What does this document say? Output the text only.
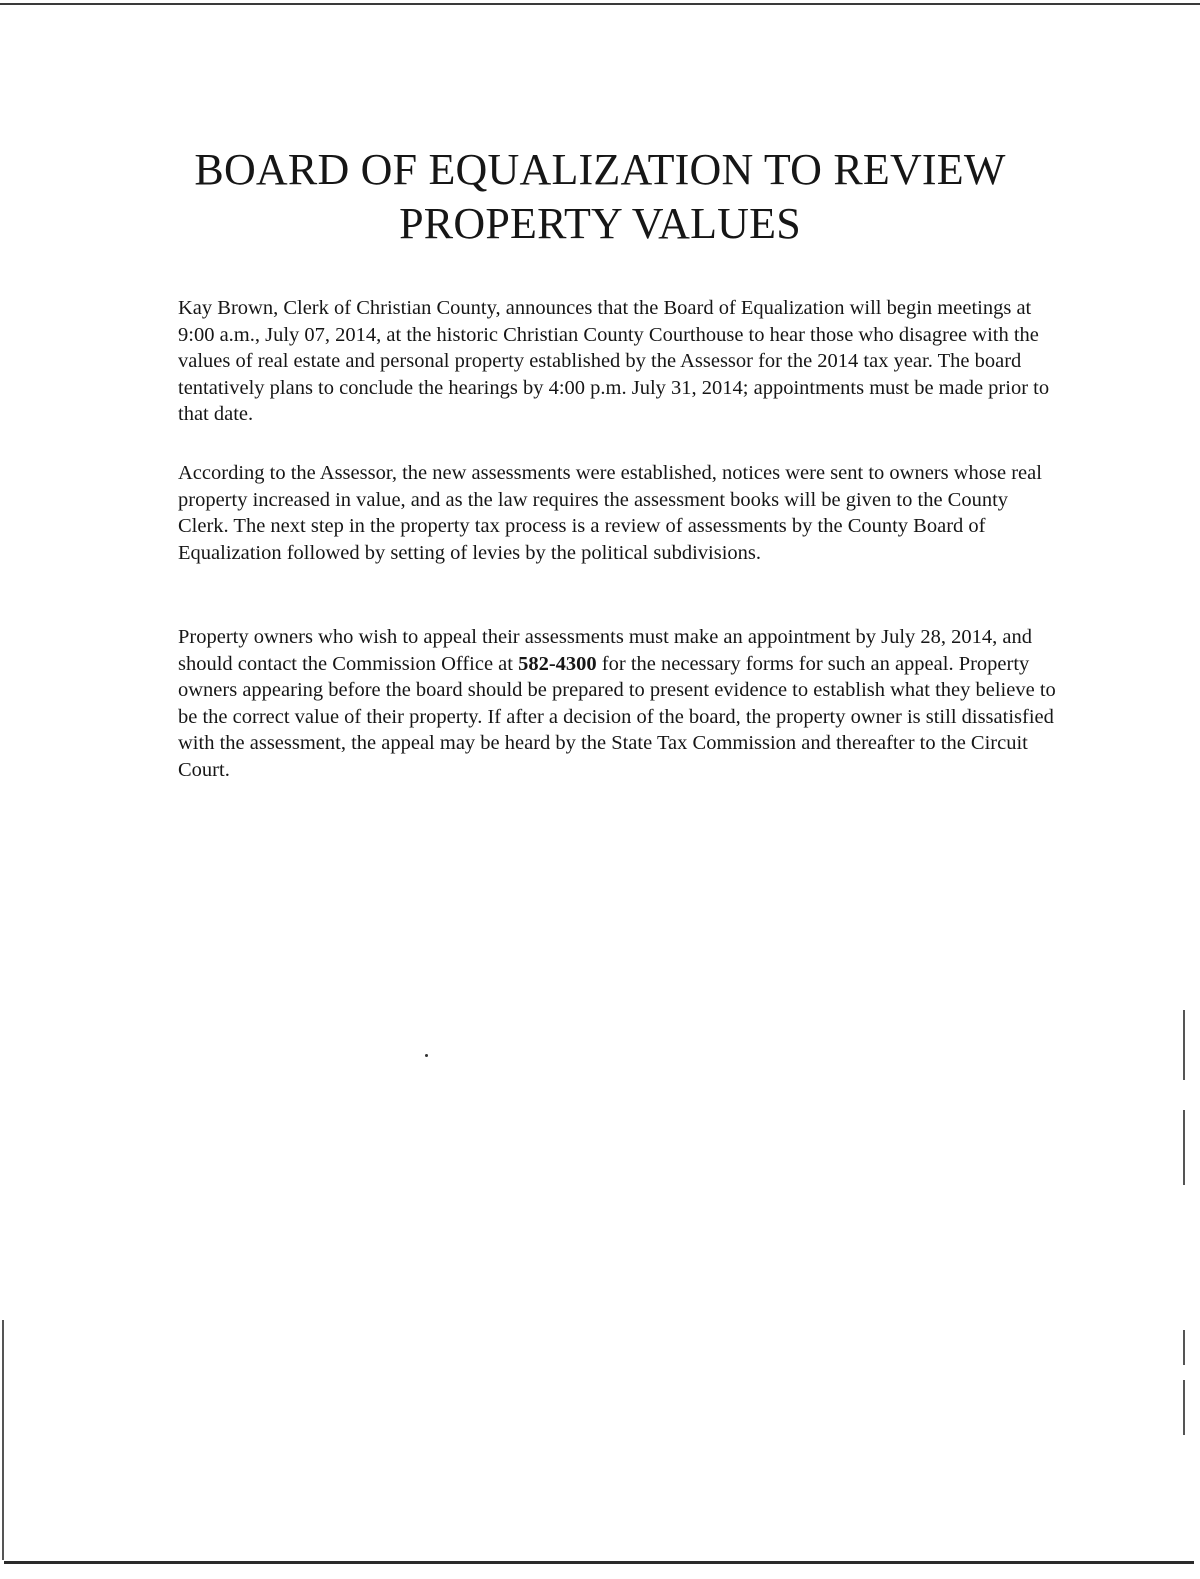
BOARD OF EQUALIZATION TO REVIEW PROPERTY VALUES

Kay Brown, Clerk of Christian County, announces that the Board of Equalization will begin meetings at 9:00 a.m., July 07, 2014, at the historic Christian County Courthouse to hear those who disagree with the values of real estate and personal property established by the Assessor for the 2014 tax year. The board tentatively plans to conclude the hearings by 4:00 p.m. July 31, 2014; appointments must be made prior to that date.

According to the Assessor, the new assessments were established, notices were sent to owners whose real property increased in value, and as the law requires the assessment books will be given to the County Clerk. The next step in the property tax process is a review of assessments by the County Board of Equalization followed by setting of levies by the political subdivisions.

Property owners who wish to appeal their assessments must make an appointment by July 28, 2014, and should contact the Commission Office at 582-4300 for the necessary forms for such an appeal. Property owners appearing before the board should be prepared to present evidence to establish what they believe to be the correct value of their property. If after a decision of the board, the property owner is still dissatisfied with the assessment, the appeal may be heard by the State Tax Commission and thereafter to the Circuit Court.
